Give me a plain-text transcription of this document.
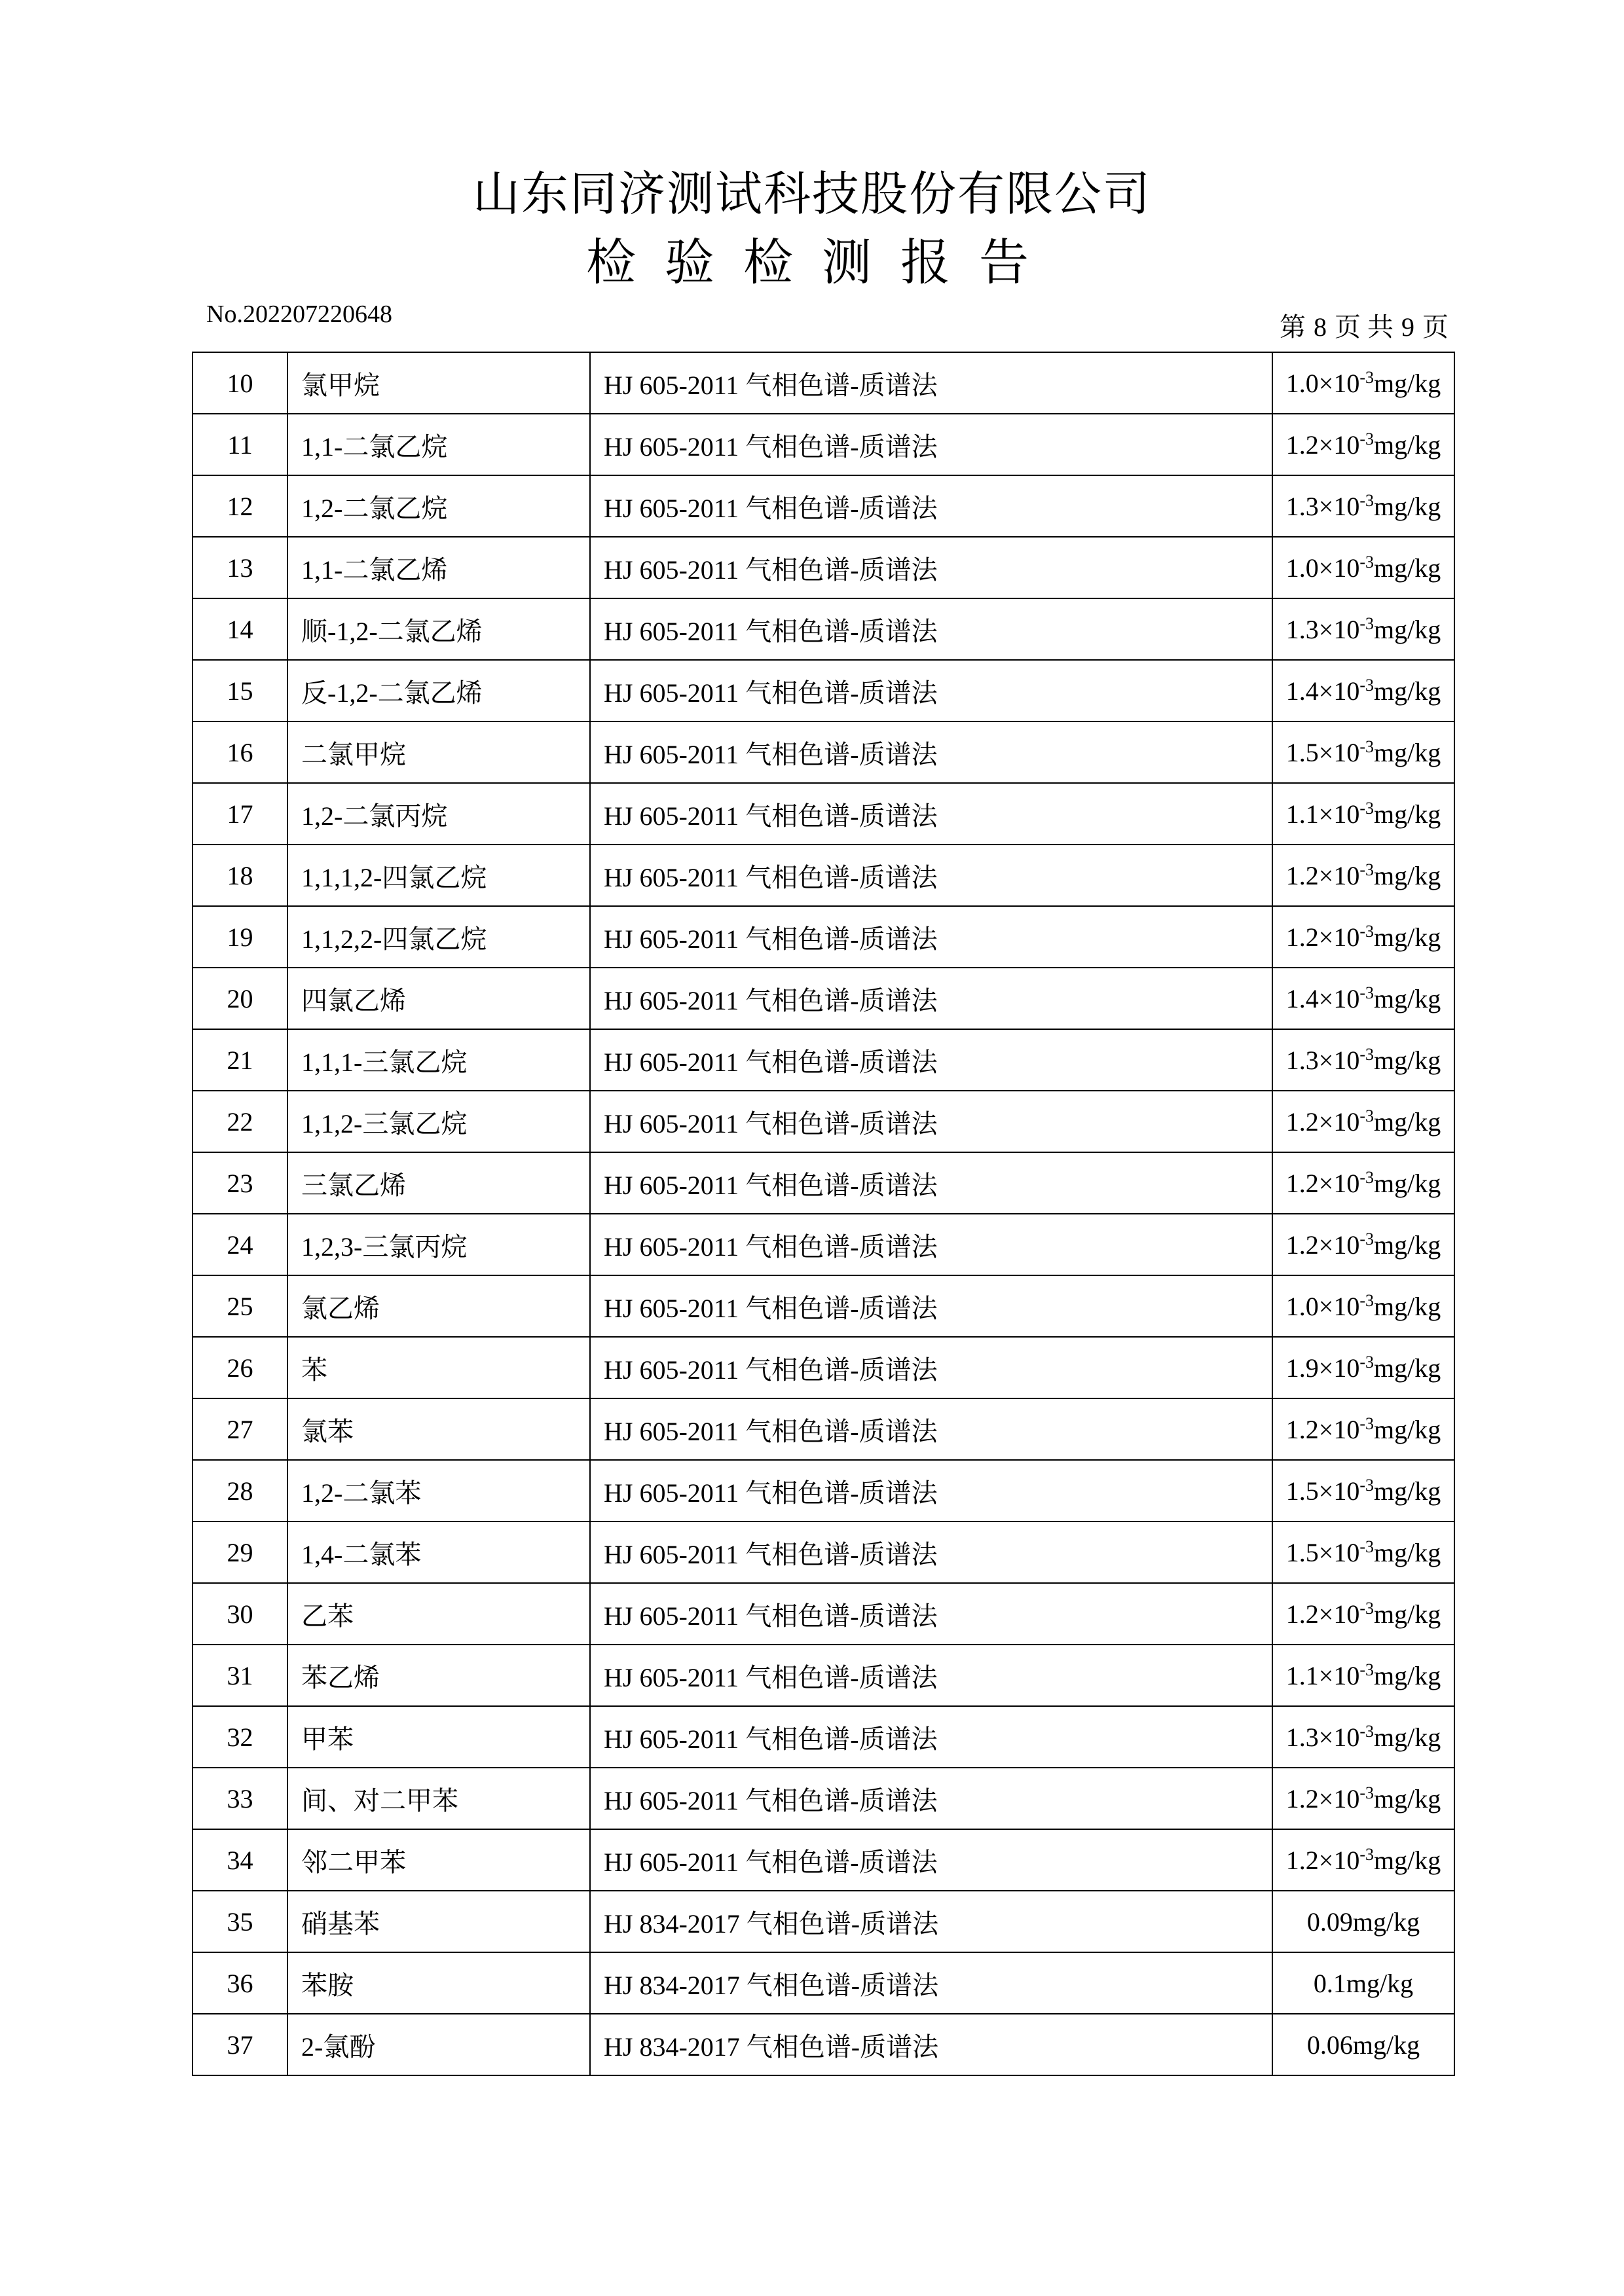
山东同济测试科技股份有限公司
检验检测报告
No.202207220648	第 8 页 共 9 页
10	氯甲烷	HJ 605-2011 气相色谱-质谱法	$1.0\times 10^{-3}mg/kg$
11	1,1-二氯乙烷	HJ 605-2011 气相色谱-质谱法	$1.2\times 10^{-3}mg/kg$
12	1,2-二氯乙烷	HJ 605-2011 气相色谱-质谱法	$1.3\times 10^{-3}mg/kg$
13	1,1-二氯乙烯	HJ 605-2011 气相色谱-质谱法	$1.0\times 10^{-3}mg/kg$
14	顺-1,2-二氯乙烯	HJ 605-2011 气相色谱-质谱法	$1.3\times 10^{-3}mg/kg$
15	反-1,2-二氯乙烯	HJ 605-2011 气相色谱-质谱法	$1.4\times 10^{-3}mg/kg$
16	二氯甲烷	HJ 605-2011 气相色谱-质谱法	$1.5\times 10^{-3}mg/kg$
17	1,2-二氯丙烷	HJ 605-2011 气相色谱-质谱法	$1.1\times 10^{-3}mg/kg$
18	1,1,1,2-四氯乙烷	HJ 605-2011 气相色谱-质谱法	$1.2\times 10^{-3}mg/kg$
19	1,1,2,2-四氯乙烷	HJ 605-2011 气相色谱-质谱法	$1.2\times 10^{-3}mg/kg$
20	四氯乙烯	HJ 605-2011 气相色谱-质谱法	$1.4\times 10^{-3}mg/kg$
21	1,1,1-三氯乙烷	HJ 605-2011 气相色谱-质谱法	$1.3\times 10^{-3}mg/kg$
22	1,1,2-三氯乙烷	HJ 605-2011 气相色谱-质谱法	$1.2\times 10^{-3}mg/kg$
23	三氯乙烯	HJ 605-2011 气相色谱-质谱法	$1.2\times 10^{-3}mg/kg$
24	1,2,3-三氯丙烷	HJ 605-2011 气相色谱-质谱法	$1.2\times 10^{-3}mg/kg$
25	氯乙烯	HJ 605-2011 气相色谱-质谱法	$1.0\times 10^{-3}mg/kg$
26	苯	HJ 605-2011 气相色谱-质谱法	$1.9\times 10^{-3}mg/kg$
27	氯苯	HJ 605-2011 气相色谱-质谱法	$1.2\times 10^{-3}mg/kg$
28	1,2-二氯苯	HJ 605-2011 气相色谱-质谱法	$1.5\times 10^{-3}mg/kg$
29	1,4-二氯苯	HJ 605-2011 气相色谱-质谱法	$1.5\times 10^{-3}mg/kg$
30	乙苯	HJ 605-2011 气相色谱-质谱法	$1.2\times 10^{-3}mg/kg$
31	苯乙烯	HJ 605-2011 气相色谱-质谱法	$1.1\times 10^{-3}mg/kg$
32	甲苯	HJ 605-2011 气相色谱-质谱法	$1.3\times 10^{-3}mg/kg$
33	间、对二甲苯	HJ 605-2011 气相色谱-质谱法	$1.2\times 10^{-3}mg/kg$
34	邻二甲苯	HJ 605-2011 气相色谱-质谱法	$1.2\times 10^{-3}mg/kg$
35	硝基苯	HJ 834-2017 气相色谱-质谱法	0.09mg/kg
36	苯胺	HJ 834-2017 气相色谱-质谱法	0.1mg/kg
37	2-氯酚	HJ 834-2017 气相色谱-质谱法	0.06mg/kg
